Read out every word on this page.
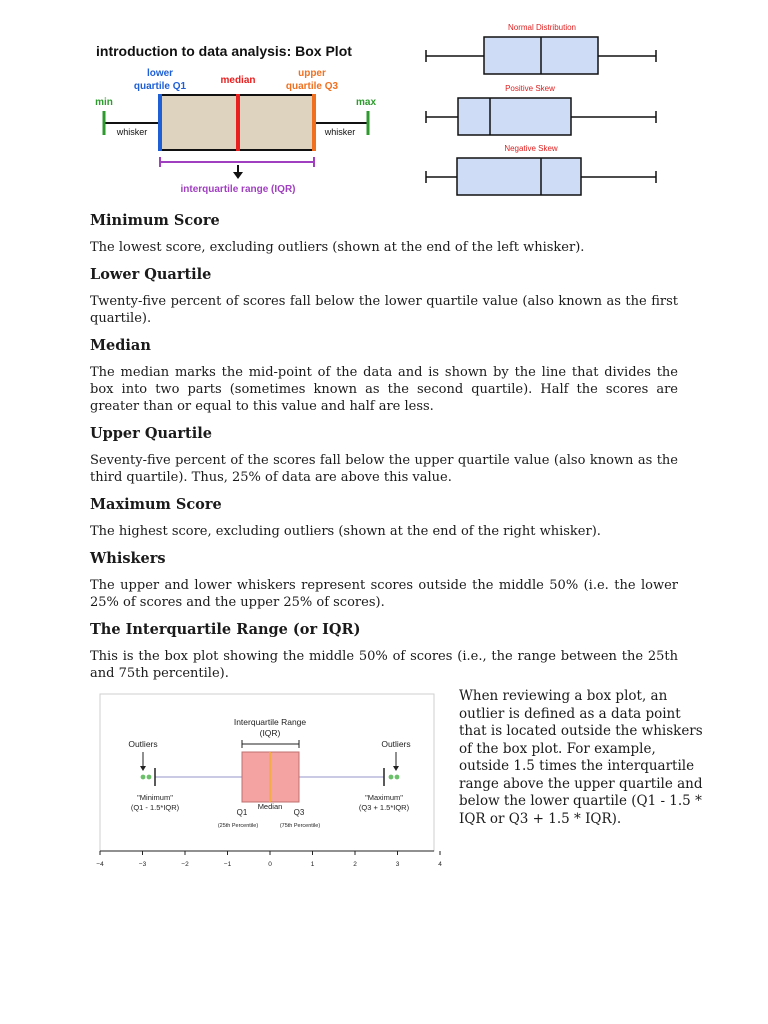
introduction to data analysis: Box Plot
lower
quartile Q1
median
upper
quartile Q3
min	max
whisker	whisker
interquartile range (IQR)
Normal Distribution
Positive Skew
Negative Skew
Minimum Score

The lowest score, excluding outliers (shown at the end of the left whisker).

Lower Quartile

Twenty-five percent of scores fall below the lower quartile value (also known as the first quartile).

Median

The median marks the mid-point of the data and is shown by the line that divides the box into two parts (sometimes known as the second quartile). Half the scores are greater than or equal to this value and half are less.

Upper Quartile

Seventy-five percent of the scores fall below the upper quartile value (also known as the third quartile). Thus, 25% of data are above this value.

Maximum Score

The highest score, excluding outliers (shown at the end of the right whisker).

Whiskers

The upper and lower whiskers represent scores outside the middle 50% (i.e. the lower 25% of scores and the upper 25% of scores).

The Interquartile Range (or IQR)

This is the box plot showing the middle 50% of scores (i.e., the range between the 25th and 75th percentile).

Interquartile Range
(IQR)
Outliers	Outliers
"Minimum"
(Q1 - 1.5*IQR)
"Maximum"
(Q3 + 1.5*IQR)
Median
Q1	Q3
(25th Percentile)	(75th Percentile)
−4	−3	−2	−1	0	1	2	3	4
When reviewing a box plot, an outlier is defined as a data point that is located outside the whiskers of the box plot. For example, outside 1.5 times the interquartile range above the upper quartile and below the lower quartile (Q1 - 1.5 * IQR or Q3 + 1.5 * IQR).
